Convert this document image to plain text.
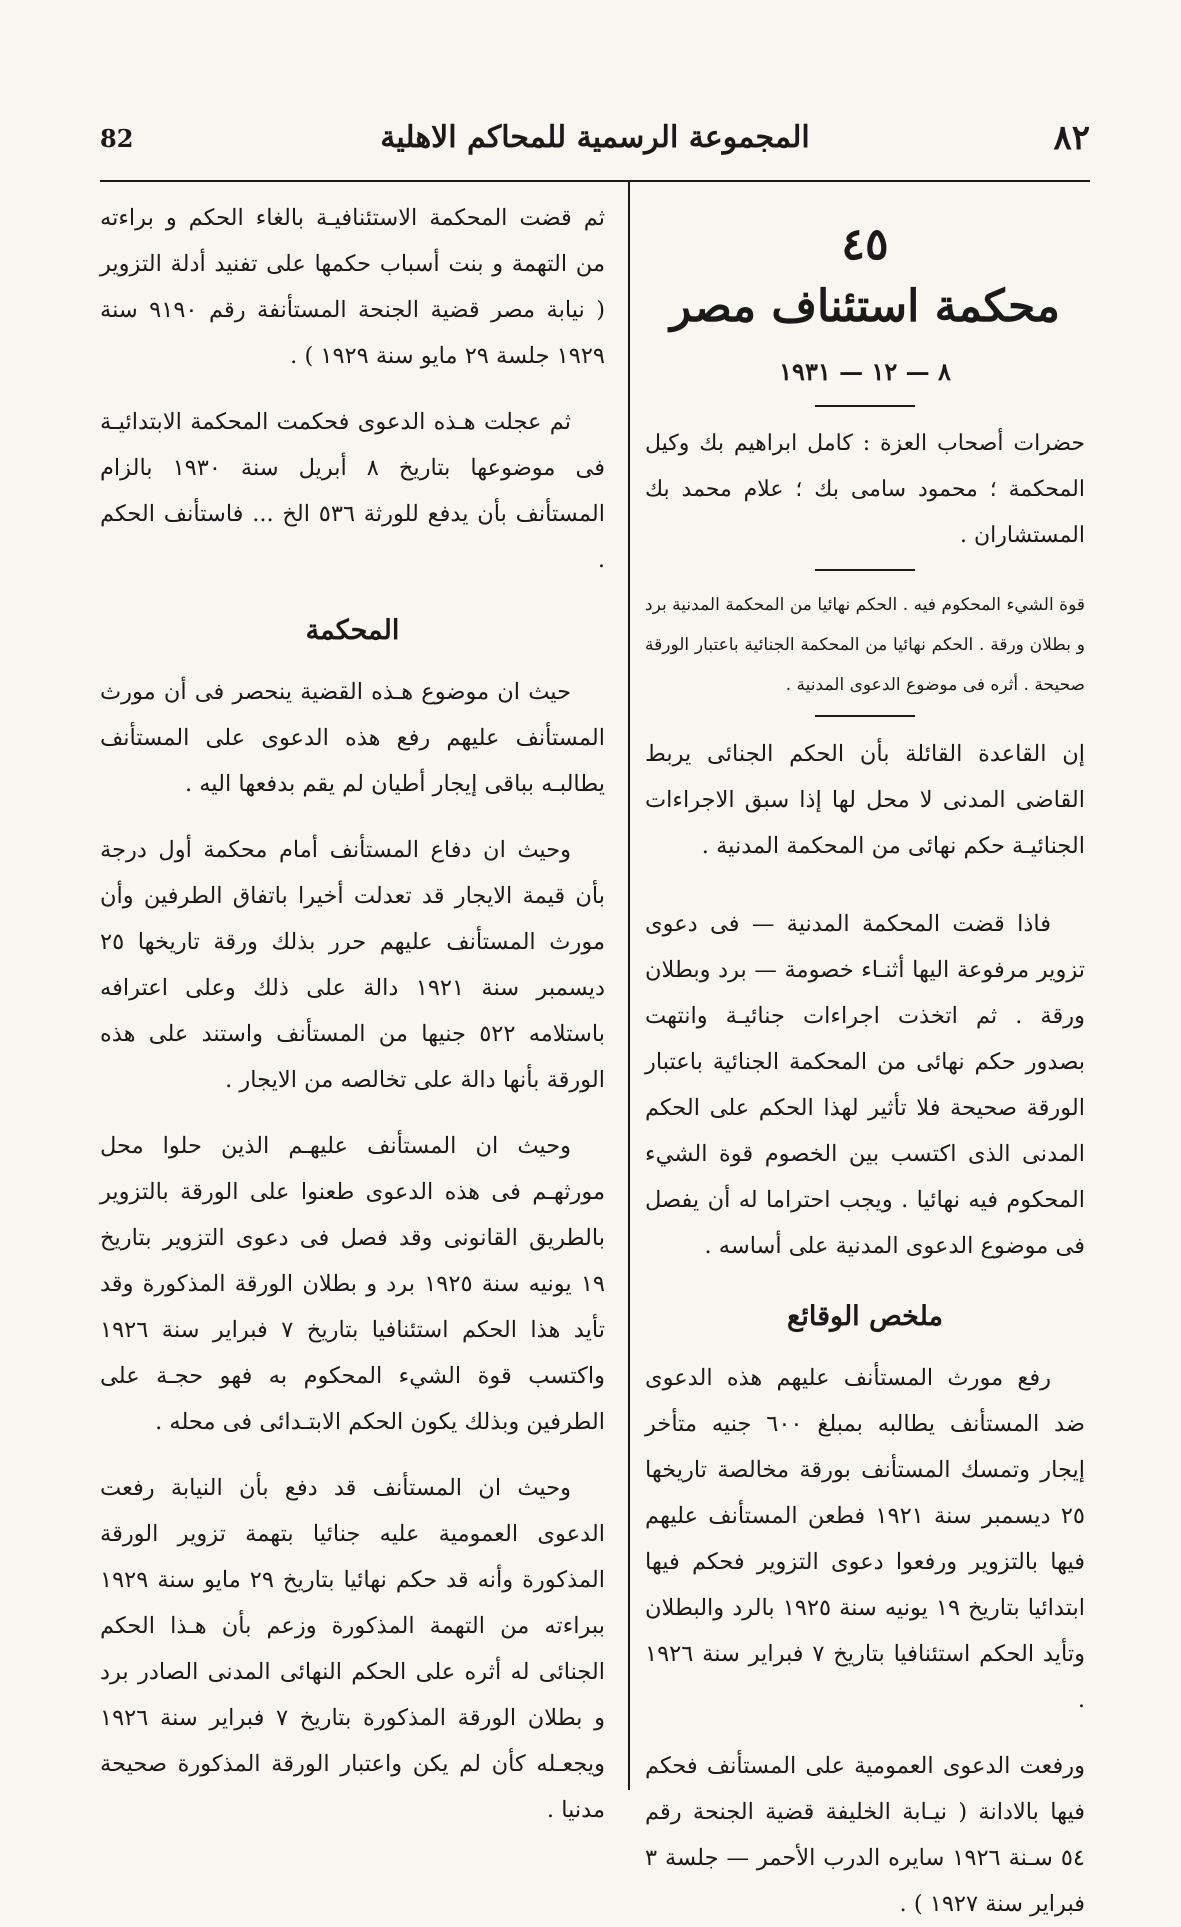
٨٢
المجموعة الرسمية للمحاكم الاهلية
82
٤٥
محكمة استئناف مصر
٨ — ١٢ — ١٩٣١

حضرات أصحاب العزة : كامل ابراهيم بك وكيل المحكمة ؛ محمود سامى بك ؛ علام محمد بك المستشاران .

قوة الشيء المحكوم فيه . الحكم نهائيا من المحكمة المدنية برد و بطلان ورقة . الحكم نهائيا من المحكمة الجنائية باعتبار الورقة صحيحة . أثره فى موضوع الدعوى المدنية .

إن القاعدة القائلة بأن الحكم الجنائى يربط القاضى المدنى لا محل لها إذا سبق الاجراءات الجنائيـة حكم نهائى من المحكمة المدنية .

فاذا قضت المحكمة المدنية — فى دعوى تزوير مرفوعة اليها أثنـاء خصومة — برد وبطلان ورقة . ثم اتخذت اجراءات جنائيـة وانتهت بصدور حكم نهائى من المحكمة الجنائية باعتبار الورقة صحيحة فلا تأثير لهذا الحكم على الحكم المدنى الذى اكتسب بين الخصوم قوة الشيء المحكوم فيه نهائيا . ويجب احتراما له أن يفصل فى موضوع الدعوى المدنية على أساسه .

ملخص الوقائع

رفع مورث المستأنف عليهم هذه الدعوى ضد المستأنف يطالبه بمبلغ ٦٠٠ جنيه متأخر إيجار وتمسك المستأنف بورقة مخالصة تاريخها ٢٥ ديسمبر سنة ١٩٢١ فطعن المستأنف عليهم فيها بالتزوير ورفعوا دعوى التزوير فحكم فيها ابتدائيا بتاريخ ١٩ يونيه سنة ١٩٢٥ بالرد والبطلان وتأيد الحكم استئنافيا بتاريخ ٧ فبراير سنة ١٩٢٦ .

ورفعت الدعوى العمومية على المستأنف فحكم فيها بالادانة ( نيـابة الخليفة قضية الجنحة رقم ٥٤ سـنة ١٩٢٦ سايره الدرب الأحمر — جلسة ٣ فبراير سنة ١٩٢٧ ) .

ثم قضت المحكمة الاستئنافيـة بالغاء الحكم و براءته من التهمة و بنت أسباب حكمها على تفنيد أدلة التزوير ( نيابة مصر قضية الجنحة المستأنفة رقم ٩١٩٠ سنة ١٩٢٩ جلسة ٢٩ مايو سنة ١٩٢٩ ) .

ثم عجلت هـذه الدعوى فحكمت المحكمة الابتدائيـة فى موضوعها بتاريخ ٨ أبريل سنة ١٩٣٠ بالزام المستأنف بأن يدفع للورثة ٥٣٦ الخ ... فاستأنف الحكم .

المحكمة

حيث ان موضوع هـذه القضية ينحصر فى أن مورث المستأنف عليهم رفع هذه الدعوى على المستأنف يطالبـه بباقى إيجار أطيان لم يقم بدفعها اليه .

وحيث ان دفاع المستأنف أمام محكمة أول درجة بأن قيمة الايجار قد تعدلت أخيرا باتفاق الطرفين وأن مورث المستأنف عليهم حرر بذلك ورقة تاريخها ٢٥ ديسمبر سنة ١٩٢١ دالة على ذلك وعلى اعترافه باستلامه ٥٢٢ جنيها من المستأنف واستند على هذه الورقة بأنها دالة على تخالصه من الايجار .

وحيث ان المستأنف عليهـم الذين حلوا محل مورثهـم فى هذه الدعوى طعنوا على الورقة بالتزوير بالطريق القانونى وقد فصل فى دعوى التزوير بتاريخ ١٩ يونيه سنة ١٩٢٥ برد و بطلان الورقة المذكورة وقد تأيد هذا الحكم استئنافيا بتاريخ ٧ فبراير سنة ١٩٢٦ واكتسب قوة الشيء المحكوم به فهو حجـة على الطرفين وبذلك يكون الحكم الابتـدائى فى محله .

وحيث ان المستأنف قد دفع بأن النيابة رفعت الدعوى العمومية عليه جنائيا بتهمة تزوير الورقة المذكورة وأنه قد حكم نهائيا بتاريخ ٢٩ مايو سنة ١٩٢٩ ببراءته من التهمة المذكورة وزعم بأن هـذا الحكم الجنائى له أثره على الحكم النهائى المدنى الصادر برد و بطلان الورقة المذكورة بتاريخ ٧ فبراير سنة ١٩٢٦ ويجعـله كأن لم يكن واعتبار الورقة المذكورة صحيحة مدنيا .
